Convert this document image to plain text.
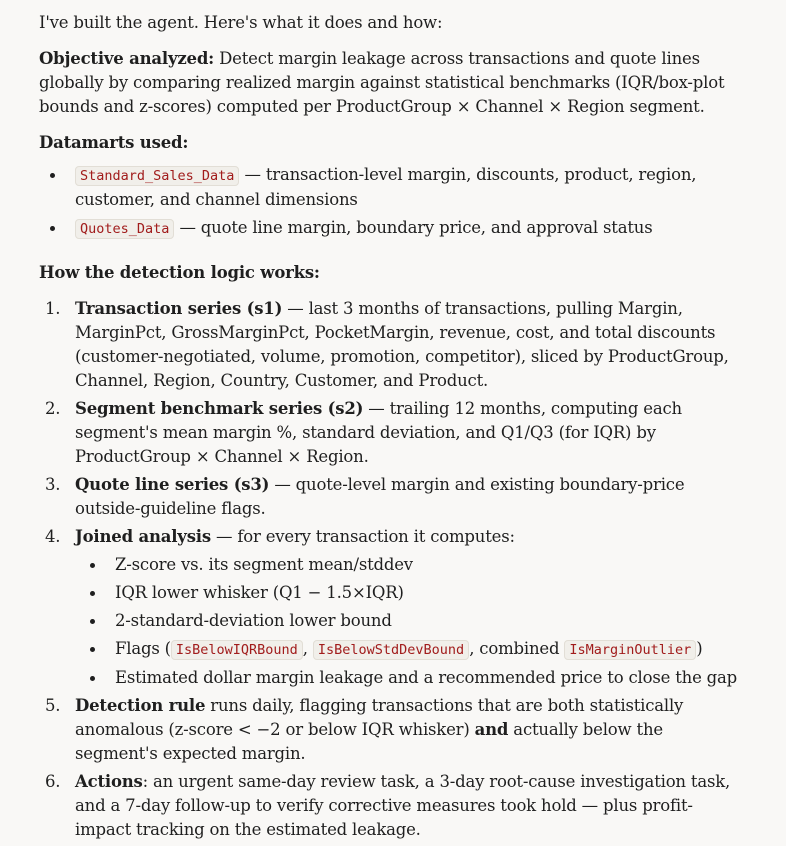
I've built the agent. Here's what it does and how:

Objective analyzed: Detect margin leakage across transactions and quote lines globally by comparing realized margin against statistical benchmarks (IQR/box-plot bounds and z-scores) computed per ProductGroup × Channel × Region segment.

Datamarts used:

Standard_Sales_Data — transaction-level margin, discounts, product, region, customer, and channel dimensions
Quotes_Data — quote line margin, boundary price, and approval status

How the detection logic works:

1. Transaction series (s1) — last 3 months of transactions, pulling Margin, MarginPct, GrossMarginPct, PocketMargin, revenue, cost, and total discounts (customer-negotiated, volume, promotion, competitor), sliced by ProductGroup, Channel, Region, Country, Customer, and Product.
2. Segment benchmark series (s2) — trailing 12 months, computing each segment's mean margin %, standard deviation, and Q1/Q3 (for IQR) by ProductGroup × Channel × Region.
3. Quote line series (s3) — quote-level margin and existing boundary-price outside-guideline flags.
4. Joined analysis — for every transaction it computes:
Z-score vs. its segment mean/stddev
IQR lower whisker (Q1 − 1.5×IQR)
2-standard-deviation lower bound
Flags ( IsBelowIQRBound , IsBelowStdDevBound , combined IsMarginOutlier )
Estimated dollar margin leakage and a recommended price to close the gap
5. Detection rule runs daily, flagging transactions that are both statistically anomalous (z-score < −2 or below IQR whisker) and actually below the segment's expected margin.
6. Actions: an urgent same-day review task, a 3-day root-cause investigation task, and a 7-day follow-up to verify corrective measures took hold — plus profit-impact tracking on the estimated leakage.
